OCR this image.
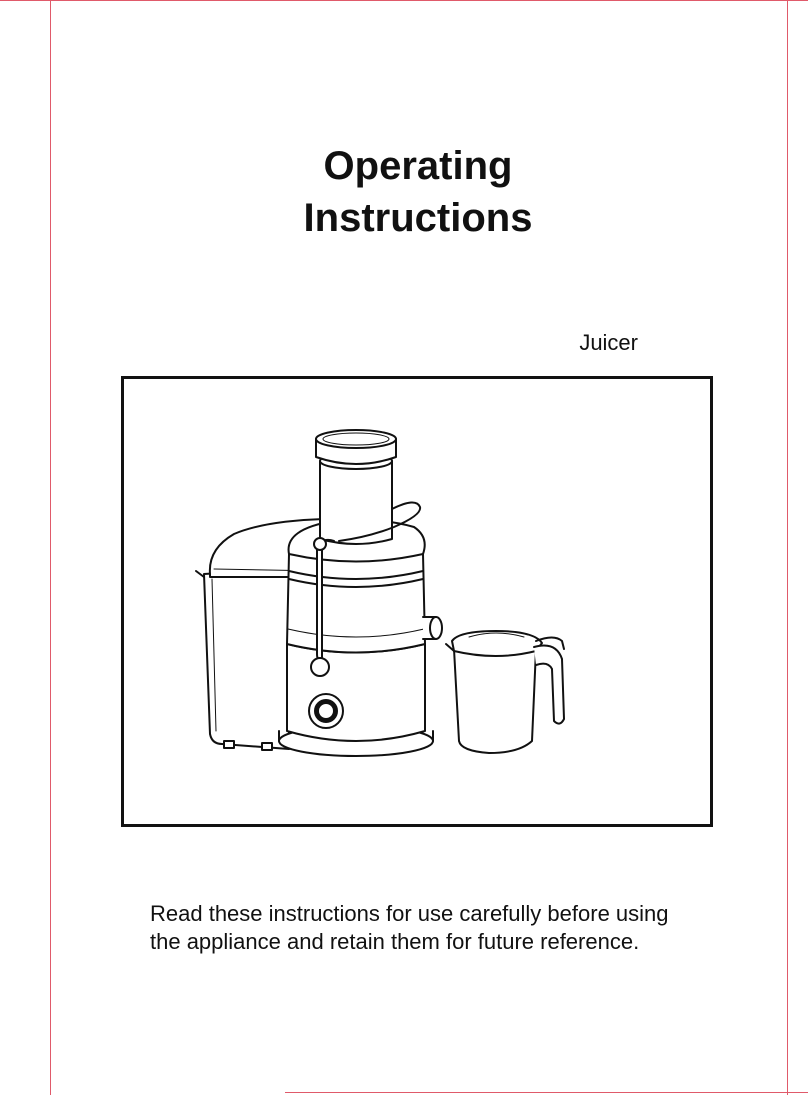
Operating
Instructions
Juicer
Read these instructions for use carefully before using
the appliance and retain them for future reference.
